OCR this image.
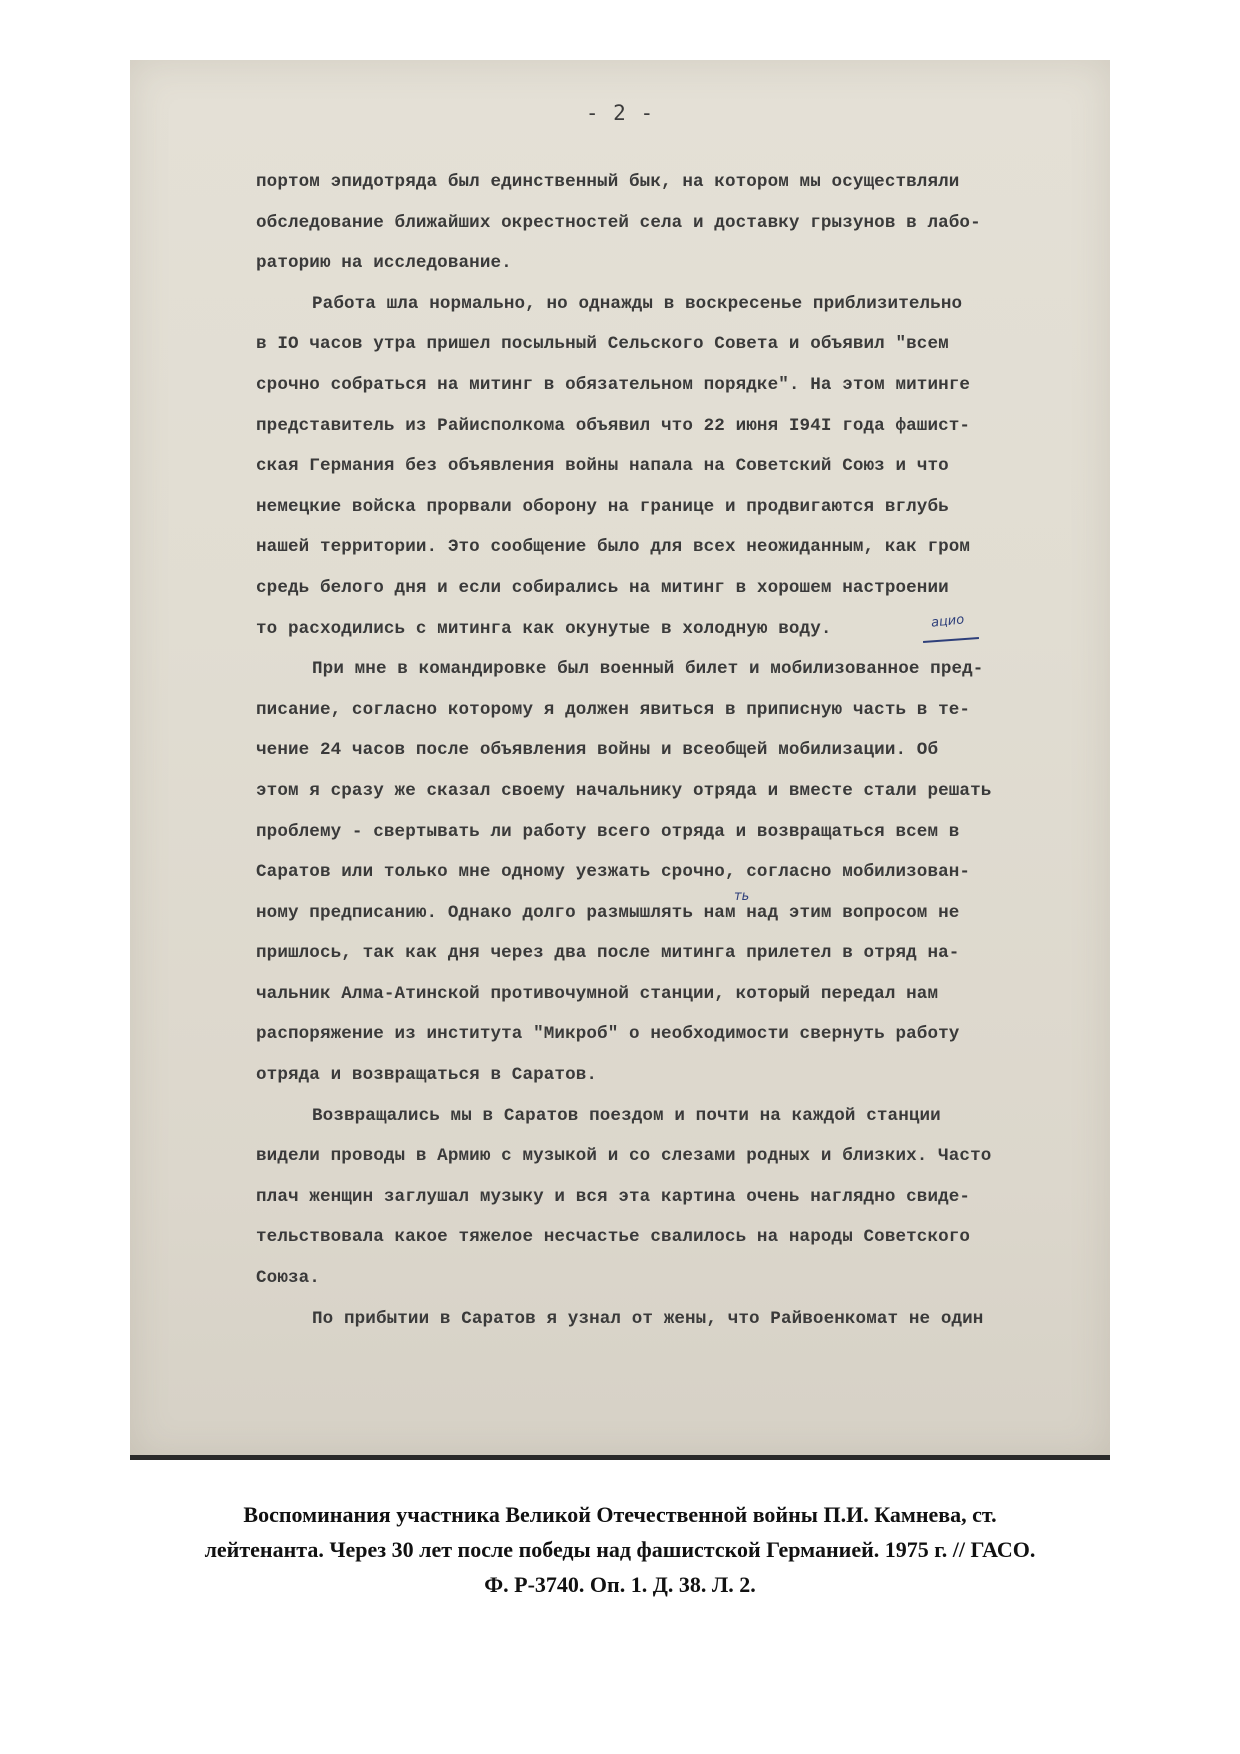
- 2 -
портом эпидотряда был единственный бык, на котором мы осуществляли
обследование ближайших окрестностей села и доставку грызунов в лабо-
раторию на исследование.
Работа шла нормально, но однажды в воскресенье приблизительно
в IO часов утра пришел посыльный Сельского Совета и объявил "всем
срочно собраться на митинг в обязательном порядке". На этом митинге
представитель из Райисполкома объявил что 22 июня I94I года фашист-
ская Германия без объявления войны напала на Советский Союз и что
немецкие войска прорвали оборону на границе и продвигаются вглубь
нашей территории. Это сообщение было для всех неожиданным, как гром
средь белого дня и если собирались на митинг в хорошем настроении
то расходились с митинга как окунутые в холодную воду.
При мне в командировке был военный билет и мобилизованное пред-
писание, согласно которому я должен явиться в приписную часть в те-
чение 24 часов после объявления войны и всеобщей мобилизации. Об
этом я сразу же сказал своему начальнику отряда и вместе стали решать
проблему - свертывать ли работу всего отряда и возвращаться всем в
Саратов или только мне одному уезжать срочно, согласно мобилизован-
ному предписанию. Однако долго размышлять нам над этим вопросом не
пришлось, так как дня через два после митинга прилетел в отряд на-
чальник Алма-Атинской противочумной станции, который передал нам
распоряжение из института "Микроб" о необходимости свернуть работу
отряда и возвращаться в Саратов.
Возвращались мы в Саратов поездом и почти на каждой станции
видели проводы в Армию с музыкой и со слезами родных и близких. Часто
плач женщин заглушал музыку и вся эта картина очень наглядно свиде-
тельствовала какое тяжелое несчастье свалилось на народы Советского
Союза.
По прибытии в Саратов я узнал от жены, что Райвоенкомат не один
ацио
ть
Воспоминания участника Великой Отечественной войны П.И. Камнева, ст.
лейтенанта. Через 30 лет после победы над фашистской Германией. 1975 г. // ГАСО.
Ф. Р-3740. Оп. 1. Д. 38. Л. 2.
